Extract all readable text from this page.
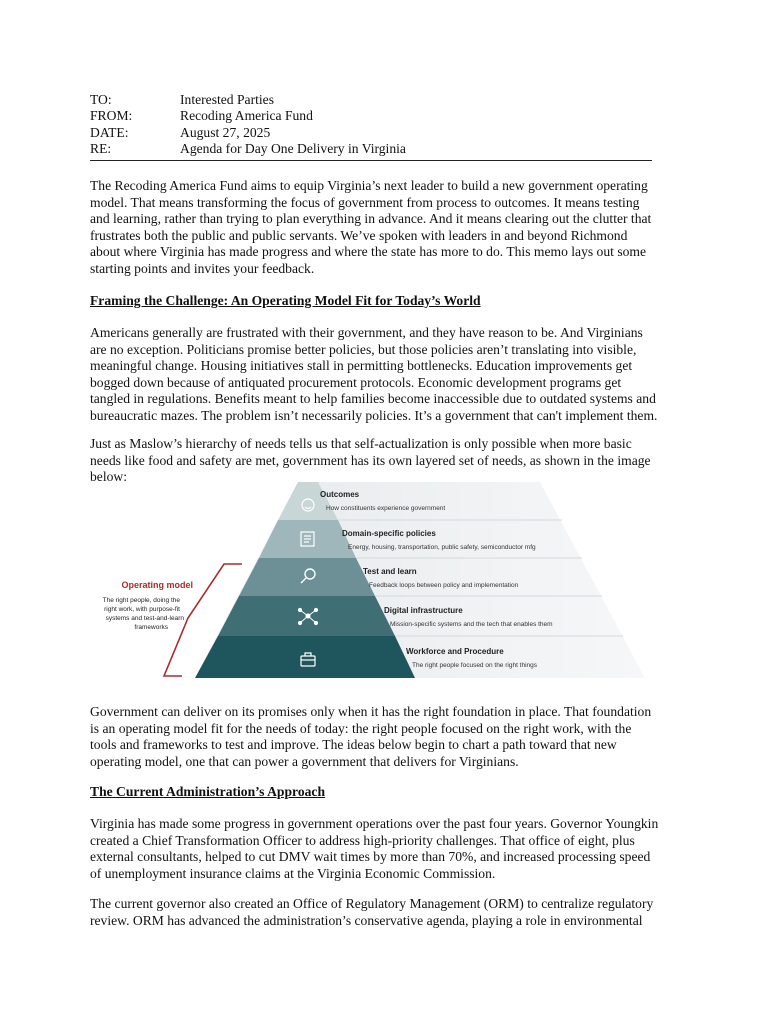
TO:	Interested Parties
FROM:	Recoding America Fund
DATE:	August 27, 2025
RE:	Agenda for Day One Delivery in Virginia

The Recoding America Fund aims to equip Virginia’s next leader to build a new government operating model. That means transforming the focus of government from process to outcomes. It means testing and learning, rather than trying to plan everything in advance. And it means clearing out the clutter that frustrates both the public and public servants. We’ve spoken with leaders in and beyond Richmond about where Virginia has made progress and where the state has more to do. This memo lays out some starting points and invites your feedback.

Framing the Challenge: An Operating Model Fit for Today’s World

Americans generally are frustrated with their government, and they have reason to be. And Virginians are no exception. Politicians promise better policies, but those policies aren’t translating into visible, meaningful change. Housing initiatives stall in permitting bottlenecks. Education improvements get bogged down because of antiquated procurement protocols. Economic development programs get tangled in regulations. Benefits meant to help families become inaccessible due to outdated systems and bureaucratic mazes. The problem isn’t necessarily policies. It’s a government that can't implement them.

Just as Maslow’s hierarchy of needs tells us that self-actualization is only possible when more basic needs like food and safety are met, government has its own layered set of needs, as shown in the image below:

Outcomes
How constituents experience government
Domain-specific policies
Energy, housing, transportation, public safety, semiconductor mfg
Test and learn
Feedback loops between policy and implementation
Digital infrastructure
Mission-specific systems and the tech that enables them
Workforce and Procedure
The right people focused on the right things
Operating model
The right people, doing the
right work, with purpose-fit
systems and test-and-learn
frameworks

Government can deliver on its promises only when it has the right foundation in place. That foundation is an operating model fit for the needs of today: the right people focused on the right work, with the tools and frameworks to test and improve. The ideas below begin to chart a path toward that new operating model, one that can power a government that delivers for Virginians.

The Current Administration’s Approach

Virginia has made some progress in government operations over the past four years. Governor Youngkin created a Chief Transformation Officer to address high-priority challenges. That office of eight, plus external consultants, helped to cut DMV wait times by more than 70%, and increased processing speed of unemployment insurance claims at the Virginia Economic Commission.

The current governor also created an Office of Regulatory Management (ORM) to centralize regulatory review. ORM has advanced the administration’s conservative agenda, playing a role in environmental
